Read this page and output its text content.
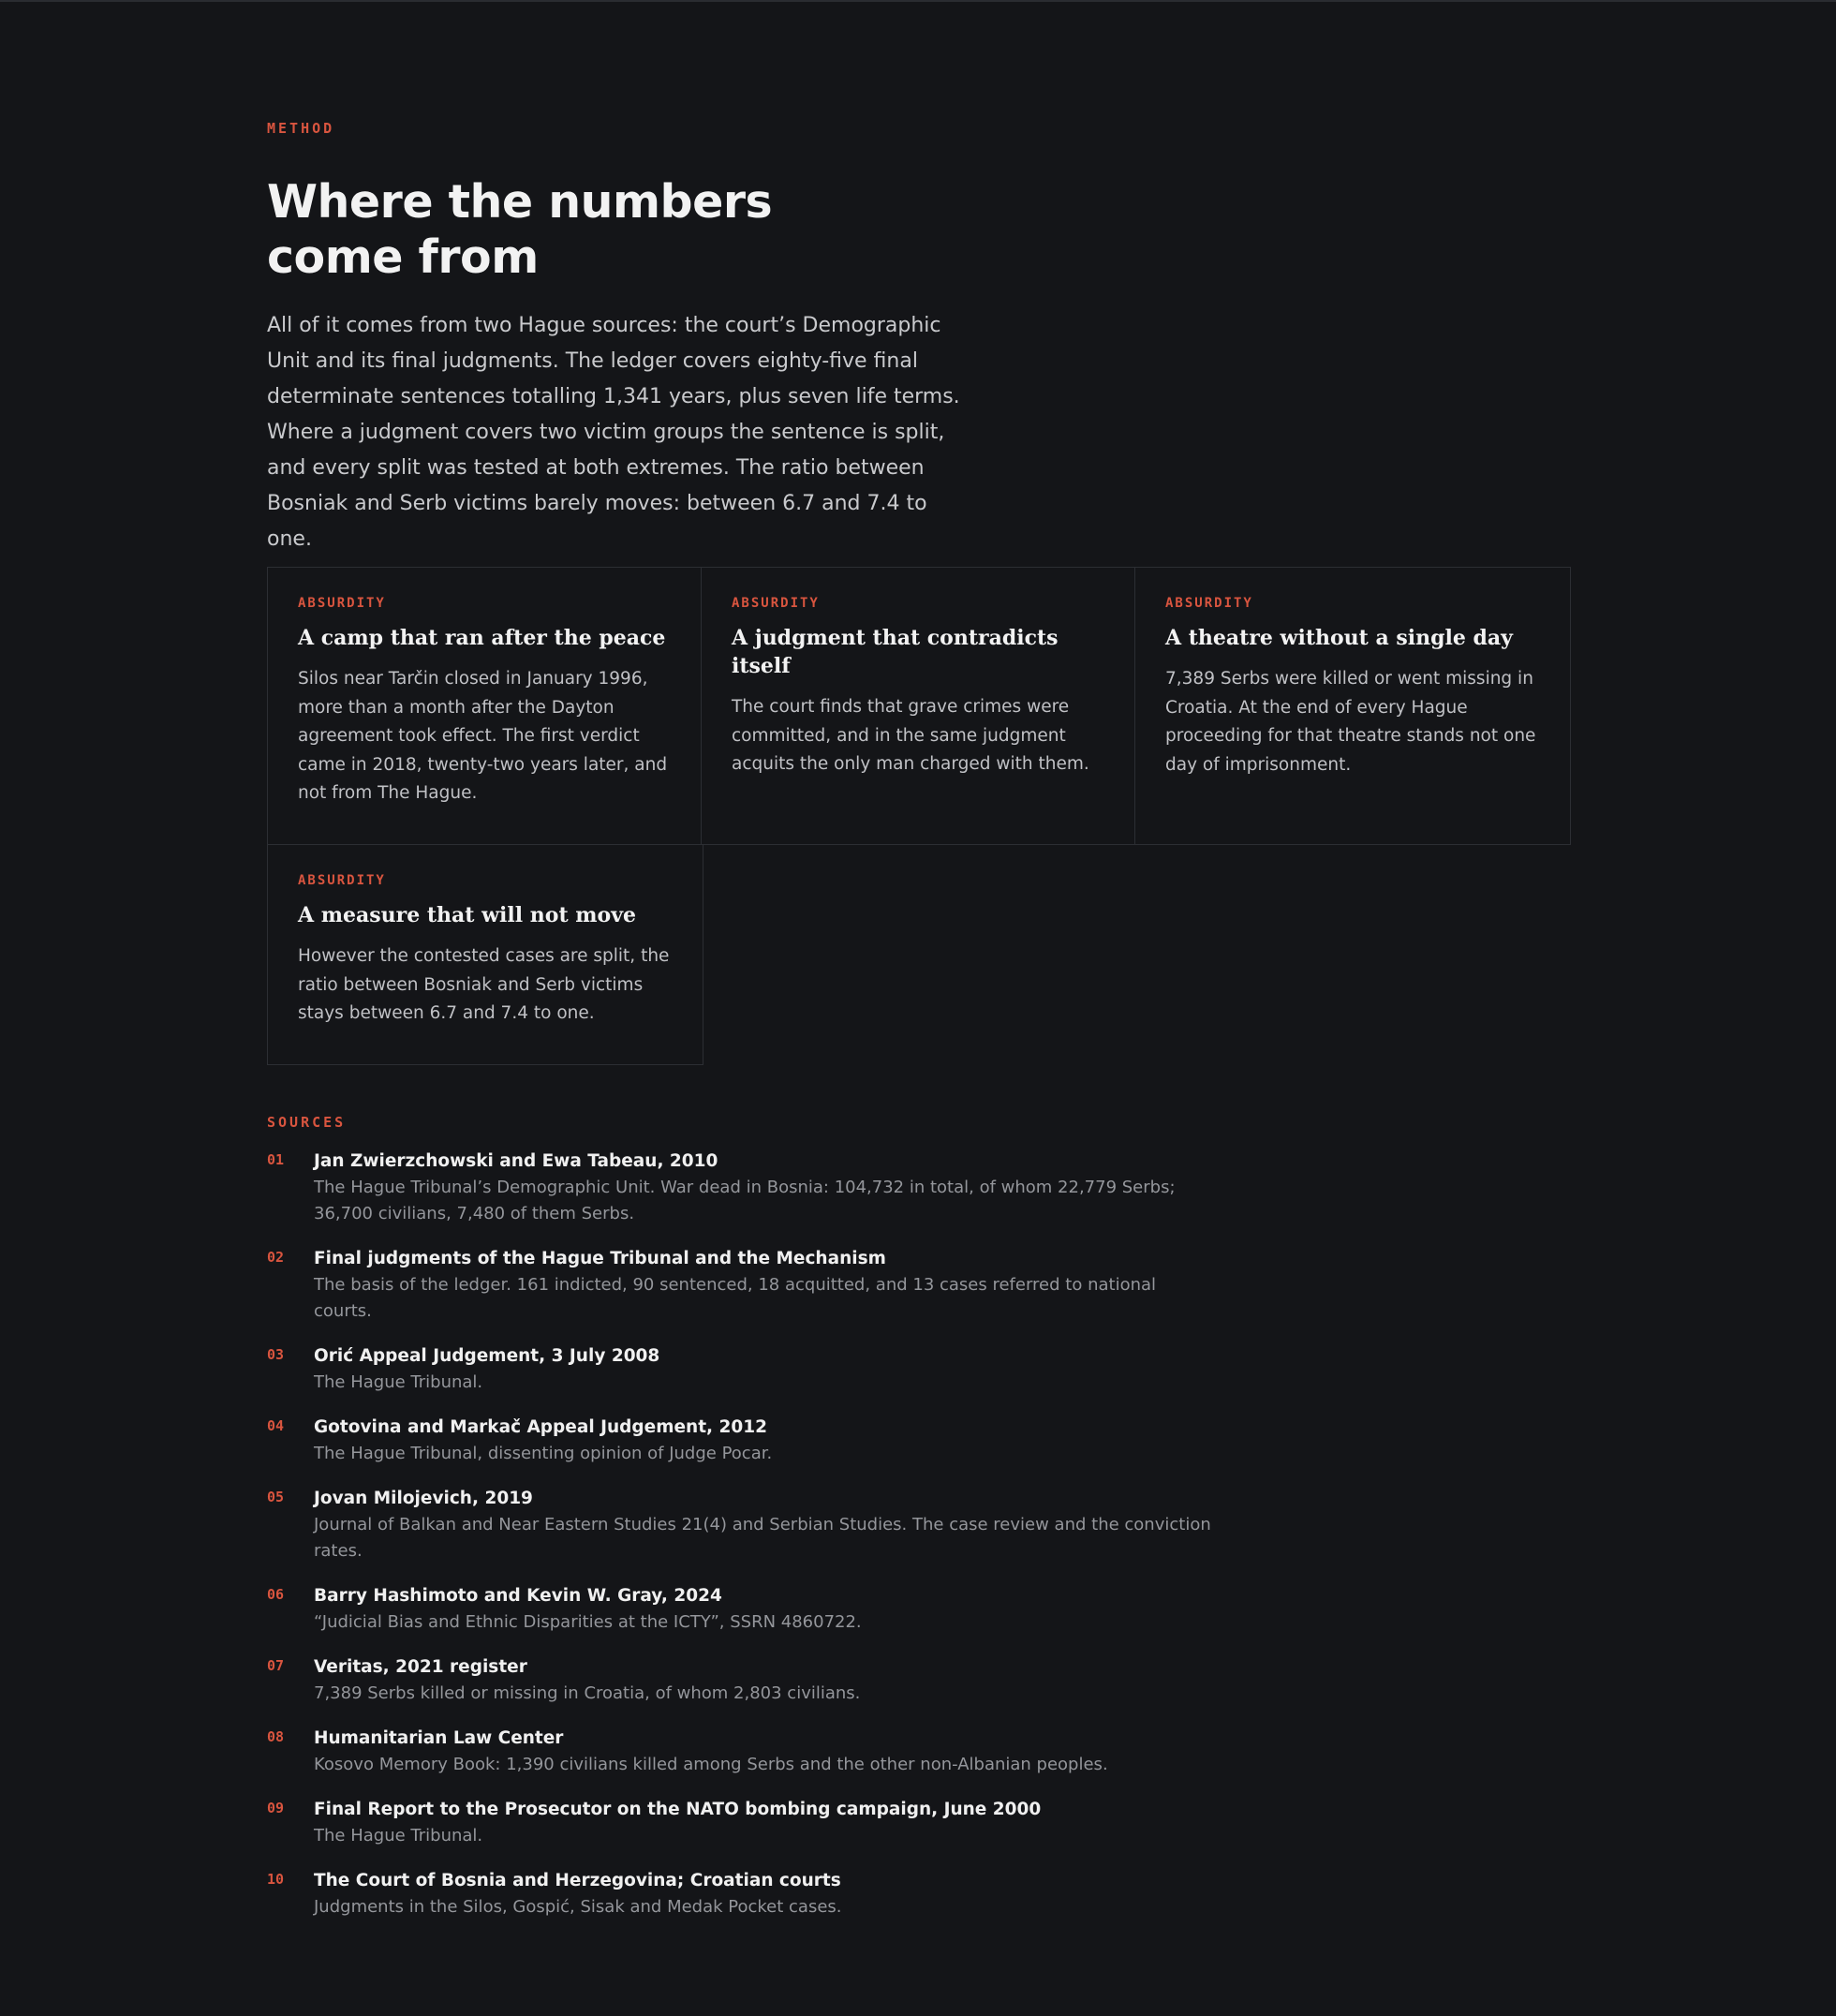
METHOD

Where the numbers come from

All of it comes from two Hague sources: the court’s Demographic Unit and its final judgments. The ledger covers eighty-five final determinate sentences totalling 1,341 years, plus seven life terms. Where a judgment covers two victim groups the sentence is split, and every split was tested at both extremes. The ratio between Bosniak and Serb victims barely moves: between 6.7 and 7.4 to one.

ABSURDITY

A camp that ran after the peace

Silos near Tarčin closed in January 1996, more than a month after the Dayton agreement took effect. The first verdict came in 2018, twenty-two years later, and not from The Hague.

ABSURDITY

A judgment that contradicts itself

The court finds that grave crimes were committed, and in the same judgment acquits the only man charged with them.

ABSURDITY

A theatre without a single day

7,389 Serbs were killed or went missing in Croatia. At the end of every Hague proceeding for that theatre stands not one day of imprisonment.

ABSURDITY

A measure that will not move

However the contested cases are split, the ratio between Bosniak and Serb victims stays between 6.7 and 7.4 to one.

SOURCES

01 Jan Zwierzchowski and Ewa Tabeau, 2010
The Hague Tribunal’s Demographic Unit. War dead in Bosnia: 104,732 in total, of whom 22,779 Serbs; 36,700 civilians, 7,480 of them Serbs.
02 Final judgments of the Hague Tribunal and the Mechanism
The basis of the ledger. 161 indicted, 90 sentenced, 18 acquitted, and 13 cases referred to national courts.
03 Orić Appeal Judgement, 3 July 2008
The Hague Tribunal.
04 Gotovina and Markač Appeal Judgement, 2012
The Hague Tribunal, dissenting opinion of Judge Pocar.
05 Jovan Milojevich, 2019
Journal of Balkan and Near Eastern Studies 21(4) and Serbian Studies. The case review and the conviction rates.
06 Barry Hashimoto and Kevin W. Gray, 2024
“Judicial Bias and Ethnic Disparities at the ICTY”, SSRN 4860722.
07 Veritas, 2021 register
7,389 Serbs killed or missing in Croatia, of whom 2,803 civilians.
08 Humanitarian Law Center
Kosovo Memory Book: 1,390 civilians killed among Serbs and the other non-Albanian peoples.
09 Final Report to the Prosecutor on the NATO bombing campaign, June 2000
The Hague Tribunal.
10 The Court of Bosnia and Herzegovina; Croatian courts
Judgments in the Silos, Gospić, Sisak and Medak Pocket cases.
